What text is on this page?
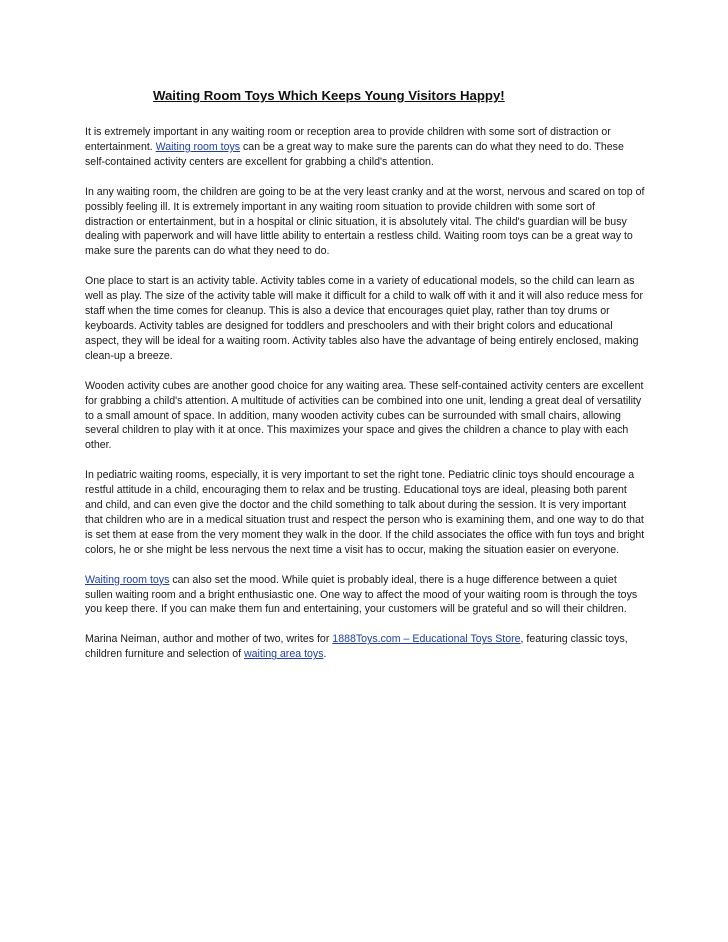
Waiting Room Toys Which Keeps Young Visitors Happy!

It is extremely important in any waiting room or reception area to provide children with some sort of distraction or entertainment. Waiting room toys can be a great way to make sure the parents can do what they need to do. These self-contained activity centers are excellent for grabbing a child's attention.

In any waiting room, the children are going to be at the very least cranky and at the worst, nervous and scared on top of possibly feeling ill. It is extremely important in any waiting room situation to provide children with some sort of distraction or entertainment, but in a hospital or clinic situation, it is absolutely vital. The child's guardian will be busy dealing with paperwork and will have little ability to entertain a restless child. Waiting room toys can be a great way to make sure the parents can do what they need to do.

One place to start is an activity table. Activity tables come in a variety of educational models, so the child can learn as well as play. The size of the activity table will make it difficult for a child to walk off with it and it will also reduce mess for staff when the time comes for cleanup. This is also a device that encourages quiet play, rather than toy drums or keyboards. Activity tables are designed for toddlers and preschoolers and with their bright colors and educational aspect, they will be ideal for a waiting room. Activity tables also have the advantage of being entirely enclosed, making clean-up a breeze.

Wooden activity cubes are another good choice for any waiting area. These self-contained activity centers are excellent for grabbing a child's attention. A multitude of activities can be combined into one unit, lending a great deal of versatility to a small amount of space. In addition, many wooden activity cubes can be surrounded with small chairs, allowing several children to play with it at once. This maximizes your space and gives the children a chance to play with each other.

In pediatric waiting rooms, especially, it is very important to set the right tone. Pediatric clinic toys should encourage a restful attitude in a child, encouraging them to relax and be trusting. Educational toys are ideal, pleasing both parent and child, and can even give the doctor and the child something to talk about during the session. It is very important that children who are in a medical situation trust and respect the person who is examining them, and one way to do that is set them at ease from the very moment they walk in the door. If the child associates the office with fun toys and bright colors, he or she might be less nervous the next time a visit has to occur, making the situation easier on everyone.

Waiting room toys can also set the mood. While quiet is probably ideal, there is a huge difference between a quiet sullen waiting room and a bright enthusiastic one. One way to affect the mood of your waiting room is through the toys you keep there. If you can make them fun and entertaining, your customers will be grateful and so will their children.

Marina Neiman, author and mother of two, writes for 1888Toys.com – Educational Toys Store, featuring classic toys, children furniture and selection of waiting area toys.
